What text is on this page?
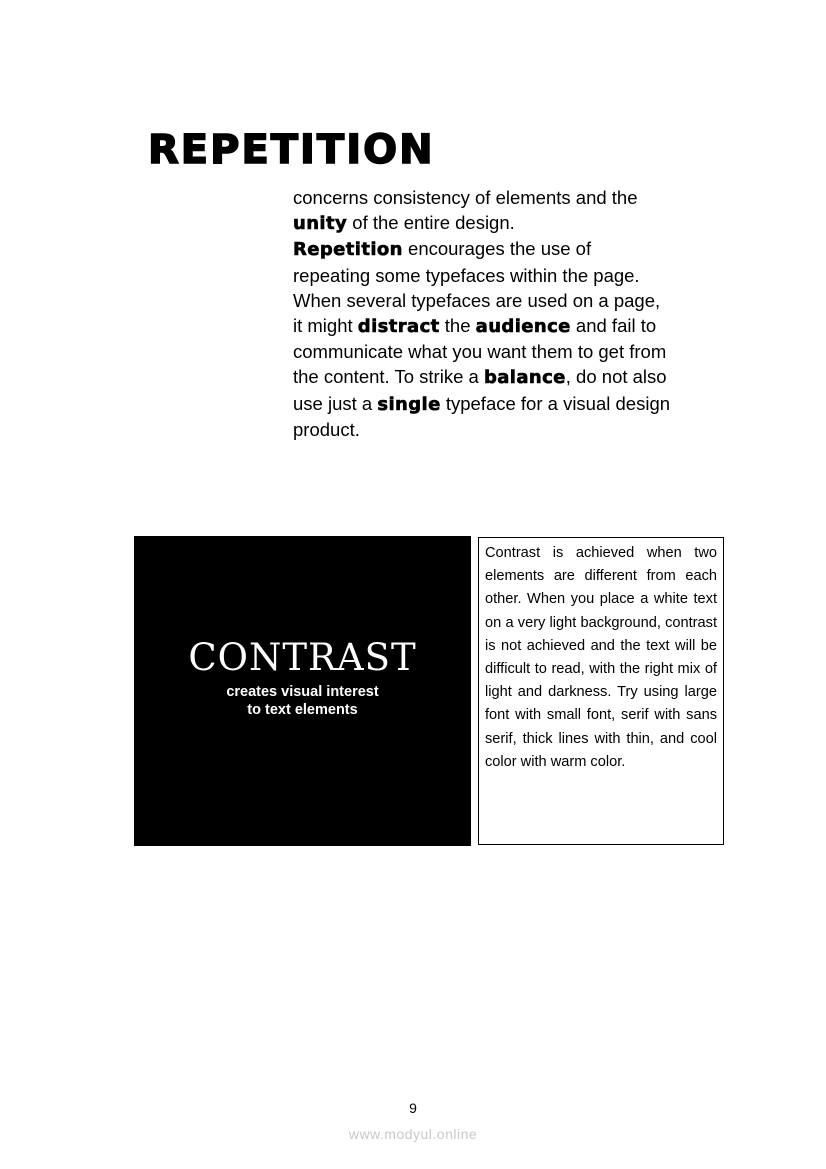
REPETITION

concerns consistency of elements and the
unity of the entire design.
Repetition encourages the use of repeating some typefaces within the page. When several typefaces are used on a page, it might distract the audience and fail to communicate what you want them to get from the content. To strike a balance, do not also use just a single typeface for a visual design product.

CONTRAST
creates visual interest
to text elements
Contrast is achieved when two elements are different from each other. When you place a white text on a very light background, contrast is not achieved and the text will be difficult to read, with the right mix of light and darkness. Try using large font with small font, serif with sans serif, thick lines with thin, and cool color with warm color.
9
www.modyul.online
